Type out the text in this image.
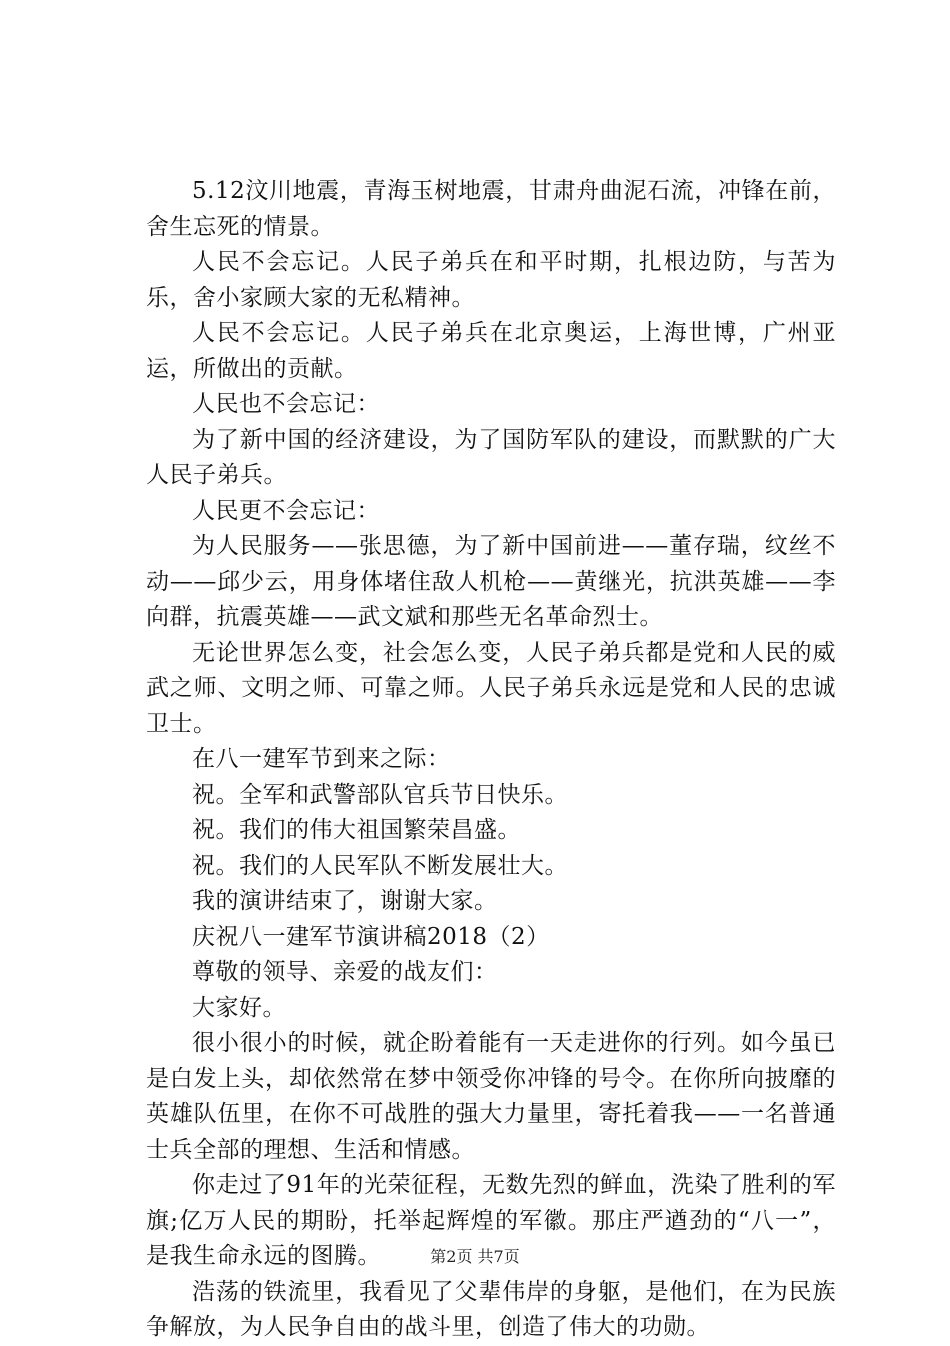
5.12汶川地震，青海玉树地震，甘肃舟曲泥石流，冲锋在前，舍生忘死的情景。

人民不会忘记。人民子弟兵在和平时期，扎根边防，与苦为乐，舍小家顾大家的无私精神。

人民不会忘记。人民子弟兵在北京奥运，上海世博，广州亚运，所做出的贡献。

人民也不会忘记：

为了新中国的经济建设，为了国防军队的建设，而默默的广大人民子弟兵。

人民更不会忘记：

为人民服务——张思德，为了新中国前进——董存瑞，纹丝不动——邱少云，用身体堵住敌人机枪——黄继光，抗洪英雄——李向群，抗震英雄——武文斌和那些无名革命烈士。

无论世界怎么变，社会怎么变，人民子弟兵都是党和人民的威武之师、文明之师、可靠之师。人民子弟兵永远是党和人民的忠诚卫士。

在八一建军节到来之际：

祝。全军和武警部队官兵节日快乐。

祝。我们的伟大祖国繁荣昌盛。

祝。我们的人民军队不断发展壮大。

我的演讲结束了，谢谢大家。

庆祝八一建军节演讲稿2018（2）

尊敬的领导、亲爱的战友们：

大家好。

很小很小的时候，就企盼着能有一天走进你的行列。如今虽已是白发上头，却依然常在梦中领受你冲锋的号令。在你所向披靡的英雄队伍里，在你不可战胜的强大力量里，寄托着我——一名普通士兵全部的理想、生活和情感。

你走过了91年的光荣征程，无数先烈的鲜血，洗染了胜利的军旗;亿万人民的期盼，托举起辉煌的军徽。那庄严遒劲的“八一”，是我生命永远的图腾。

浩荡的铁流里，我看见了父辈伟岸的身躯，是他们，在为民族争解放，为人民争自由的战斗里，创造了伟大的功勋。

第2页 共7页
